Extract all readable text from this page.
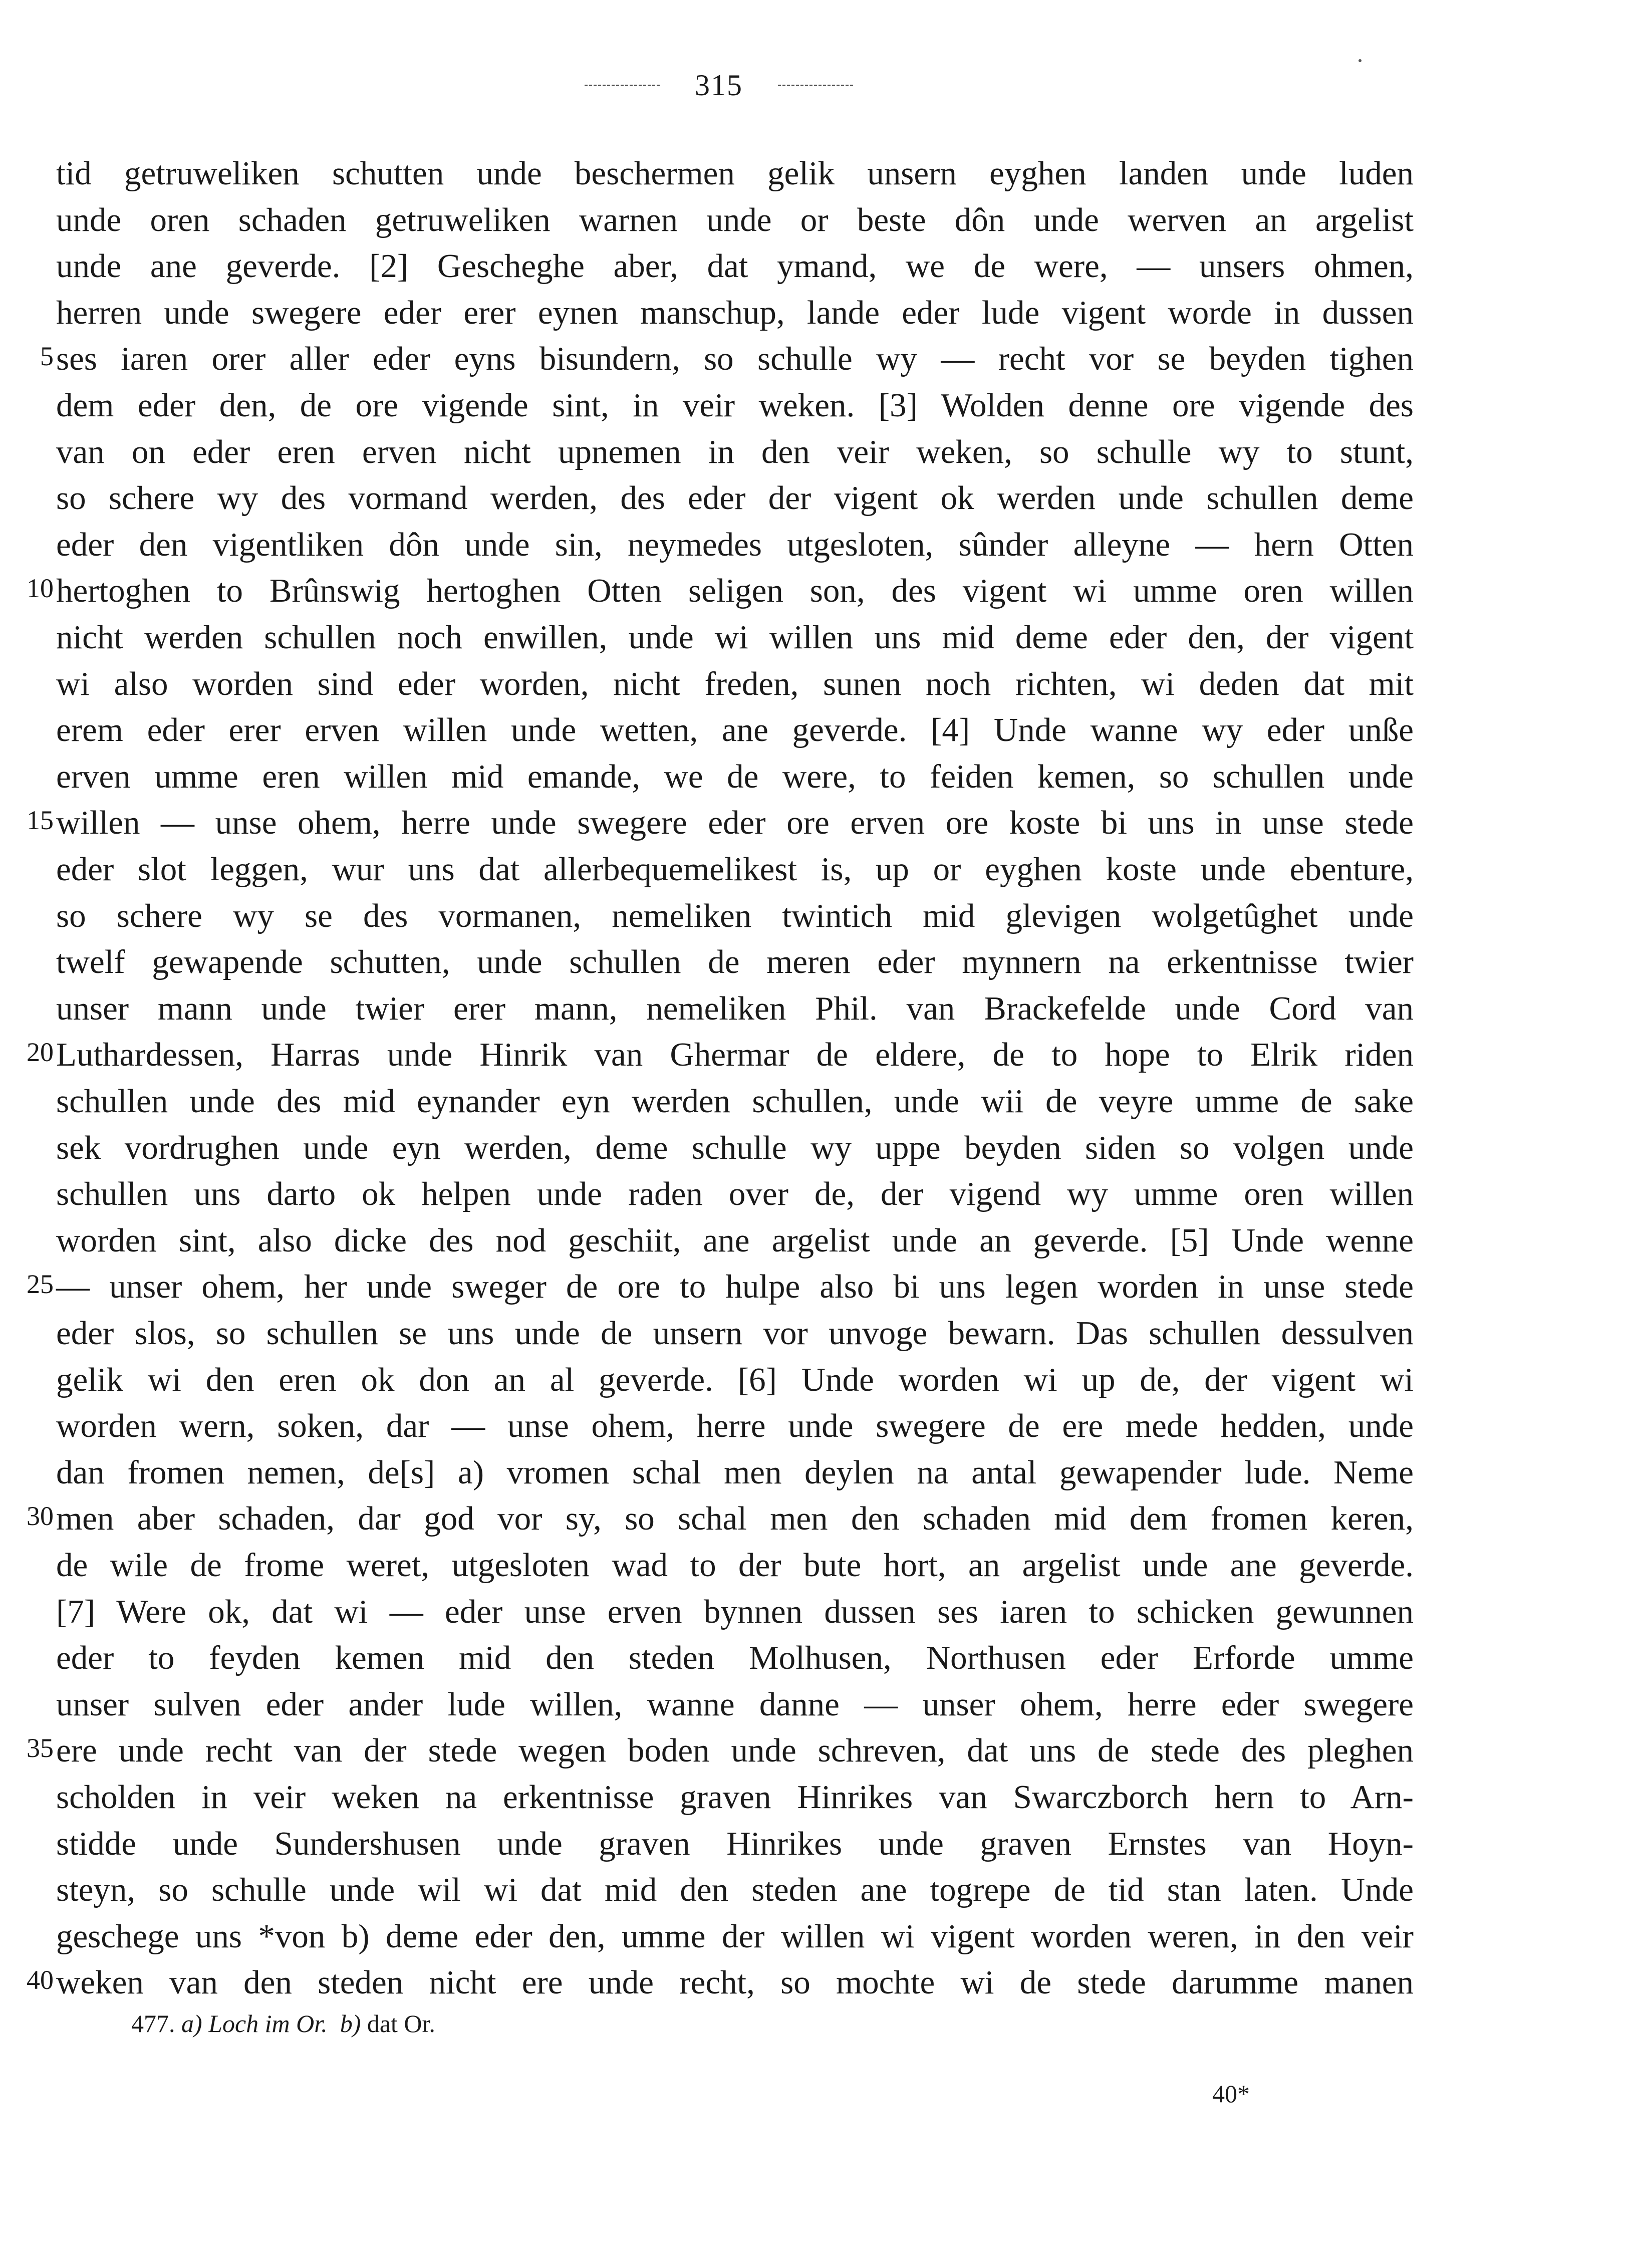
315
tid getruweliken schutten unde beschermen gelik unsern eyghen landen unde luden
unde oren schaden getruweliken warnen unde or beste dôn unde werven an argelist
unde ane geverde. [2] Gescheghe aber, dat ymand, we de were, — unsers ohmen,
herren unde swegere eder erer eynen manschup, lande eder lude vigent worde in dussen
5 ses iaren orer aller eder eyns bisundern, so schulle wy — recht vor se beyden tighen
dem eder den, de ore vigende sint, in veir weken. [3] Wolden denne ore vigende des
van on eder eren erven nicht upnemen in den veir weken, so schulle wy to stunt,
so schere wy des vormand werden, des eder der vigent ok werden unde schullen deme
eder den vigentliken dôn unde sin, neymedes utgesloten, sûnder alleyne — hern Otten
10 hertoghen to Brûnswig hertoghen Otten seligen son, des vigent wi umme oren willen
nicht werden schullen noch enwillen, unde wi willen uns mid deme eder den, der vigent
wi also worden sind eder worden, nicht freden, sunen noch richten, wi deden dat mit
erem eder erer erven willen unde wetten, ane geverde. [4] Unde wanne wy eder unße
erven umme eren willen mid emande, we de were, to feiden kemen, so schullen unde
15 willen — unse ohem, herre unde swegere eder ore erven ore koste bi uns in unse stede
eder slot leggen, wur uns dat allerbequemelikest is, up or eyghen koste unde ebenture,
so schere wy se des vormanen, nemeliken twintich mid glevigen wolgetûghet unde
twelf gewapende schutten, unde schullen de meren eder mynnern na erkentnisse twier
unser mann unde twier erer mann, nemeliken Phil. van Brackefelde unde Cord van
20 Luthardessen, Harras unde Hinrik van Ghermar de eldere, de to hope to Elrik riden
schullen unde des mid eynander eyn werden schullen, unde wii de veyre umme de sake
sek vordrughen unde eyn werden, deme schulle wy uppe beyden siden so volgen unde
schullen uns darto ok helpen unde raden over de, der vigend wy umme oren willen
worden sint, also dicke des nod geschiit, ane argelist unde an geverde. [5] Unde wenne
25 — unser ohem, her unde sweger de ore to hulpe also bi uns legen worden in unse stede
eder slos, so schullen se uns unde de unsern vor unvoge bewarn. Das schullen dessulven
gelik wi den eren ok don an al geverde. [6] Unde worden wi up de, der vigent wi
worden wern, soken, dar — unse ohem, herre unde swegere de ere mede hedden, unde
dan fromen nemen, de[s] a) vromen schal men deylen na antal gewapender lude. Neme
30 men aber schaden, dar god vor sy, so schal men den schaden mid dem fromen keren,
de wile de frome weret, utgesloten wad to der bute hort, an argelist unde ane geverde.
[7] Were ok, dat wi — eder unse erven bynnen dussen ses iaren to schicken gewunnen
eder to feyden kemen mid den steden Molhusen, Northusen eder Erforde umme
unser sulven eder ander lude willen, wanne danne — unser ohem, herre eder swegere
35 ere unde recht van der stede wegen boden unde schreven, dat uns de stede des pleghen
scholden in veir weken na erkentnisse graven Hinrikes van Swarczborch hern to Arn-
stidde unde Sundershusen unde graven Hinrikes unde graven Ernstes van Hoyn-
steyn, so schulle unde wil wi dat mid den steden ane togrepe de tid stan laten. Unde
geschege uns *von b) deme eder den, umme der willen wi vigent worden weren, in den veir
40 weken van den steden nicht ere unde recht, so mochte wi de stede darumme manen
477. a) Loch im Or. b) dat Or.
40*
